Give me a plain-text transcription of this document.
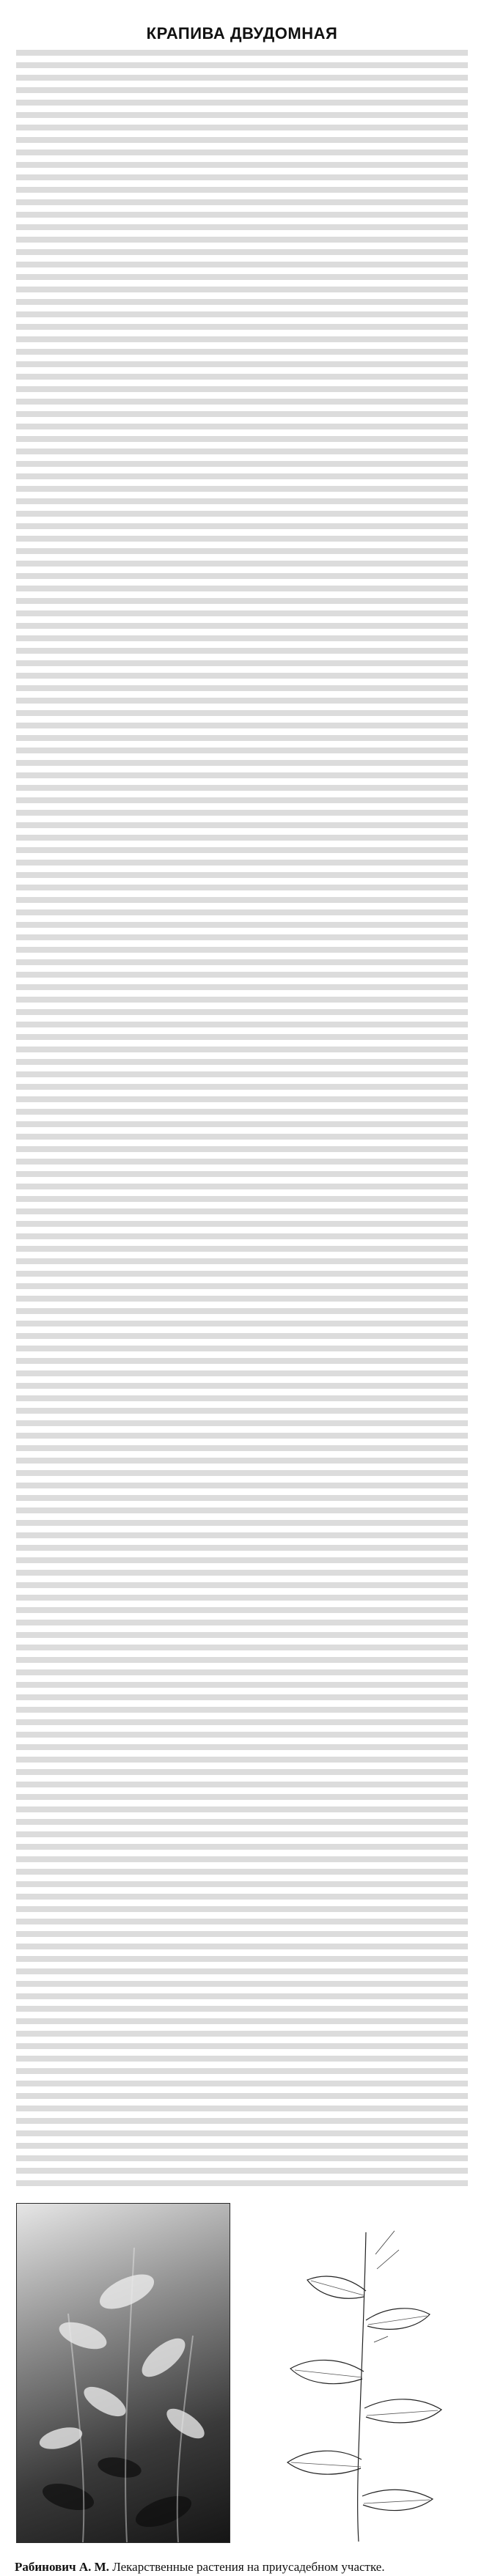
КРАПИВА ДВУДОМНАЯ

Рабинович А. М. Лекарственные растения на приусадебном участке.
